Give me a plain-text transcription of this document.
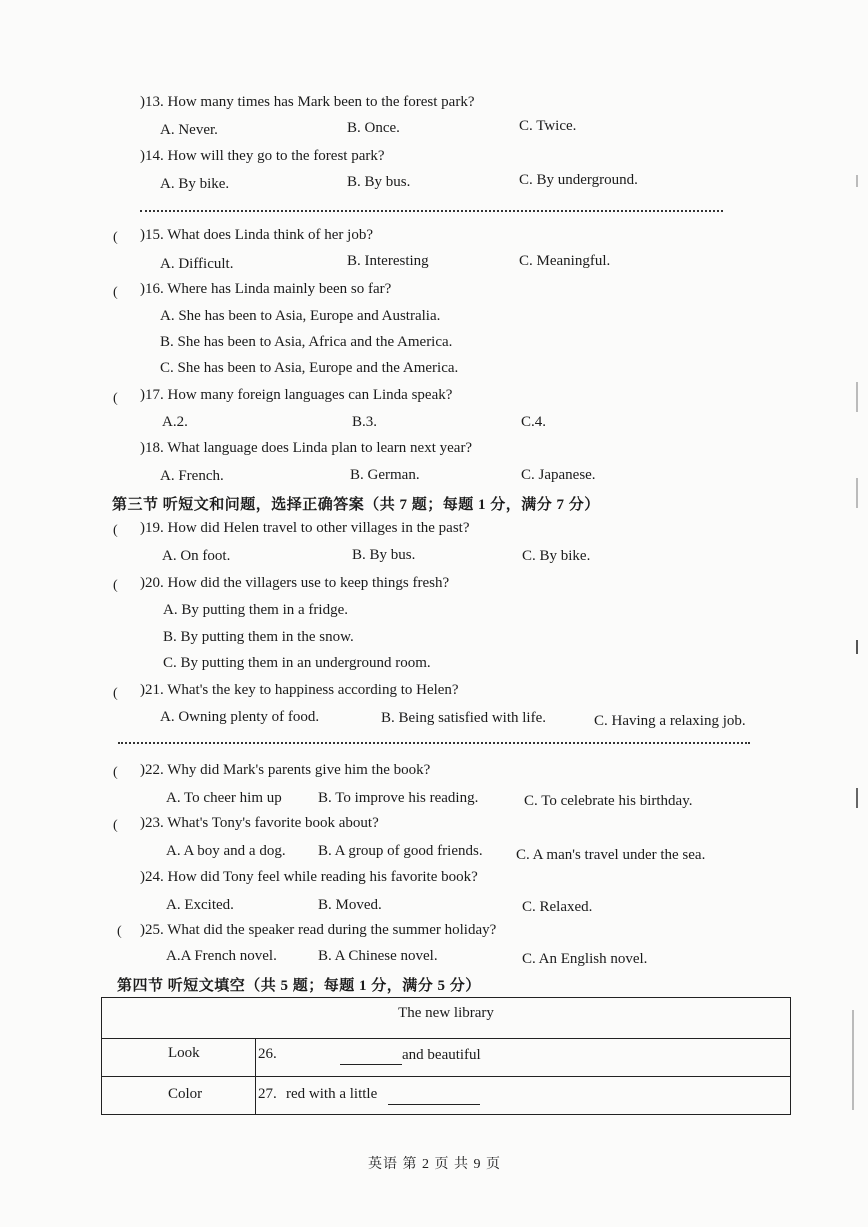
)13. How many times has Mark been to the forest park?
A. Never.	B. Once.	C. Twice.
)14. How will they go to the forest park?
A. By bike.	B. By bus.	C. By underground.
( )15. What does Linda think of her job?
A. Difficult.	B. Interesting	C. Meaningful.
( )16. Where has Linda mainly been so far?
A. She has been to Asia, Europe and Australia.
B. She has been to Asia, Africa and the America.
C. She has been to Asia, Europe and the America.
( )17. How many foreign languages can Linda speak?
A.2.	B.3.	C.4.
)18. What language does Linda plan to learn next year?
A. French.	B. German.	C. Japanese.
第三节 听短文和问题，选择正确答案（共 7 题；每题 1 分，满分 7 分）
( )19. How did Helen travel to other villages in the past?
A. On foot.	B. By bus.	C. By bike.
( )20. How did the villagers use to keep things fresh?
A. By putting them in a fridge.
B. By putting them in the snow.
C. By putting them in an underground room.
( )21. What's the key to happiness according to Helen?
A. Owning plenty of food.	B. Being satisfied with life.	C. Having a relaxing job.
( )22. Why did Mark's parents give him the book?
A. To cheer him up B. To improve his reading.	C. To celebrate his birthday.
( )23. What's Tony's favorite book about?
A. A boy and a dog. B. A group of good friends. C. A man's travel under the sea.
)24. How did Tony feel while reading his favorite book?
A. Excited.	B. Moved.	C. Relaxed.
( )25. What did the speaker read during the summer holiday?
A.A French novel.	B. A Chinese novel.	C. An English novel.
第四节 听短文填空（共 5 题；每题 1 分，满分 5 分）
The new library
Look	26.	and beautiful
Color	27. red with a little
英语 第 2 页 共 9 页
